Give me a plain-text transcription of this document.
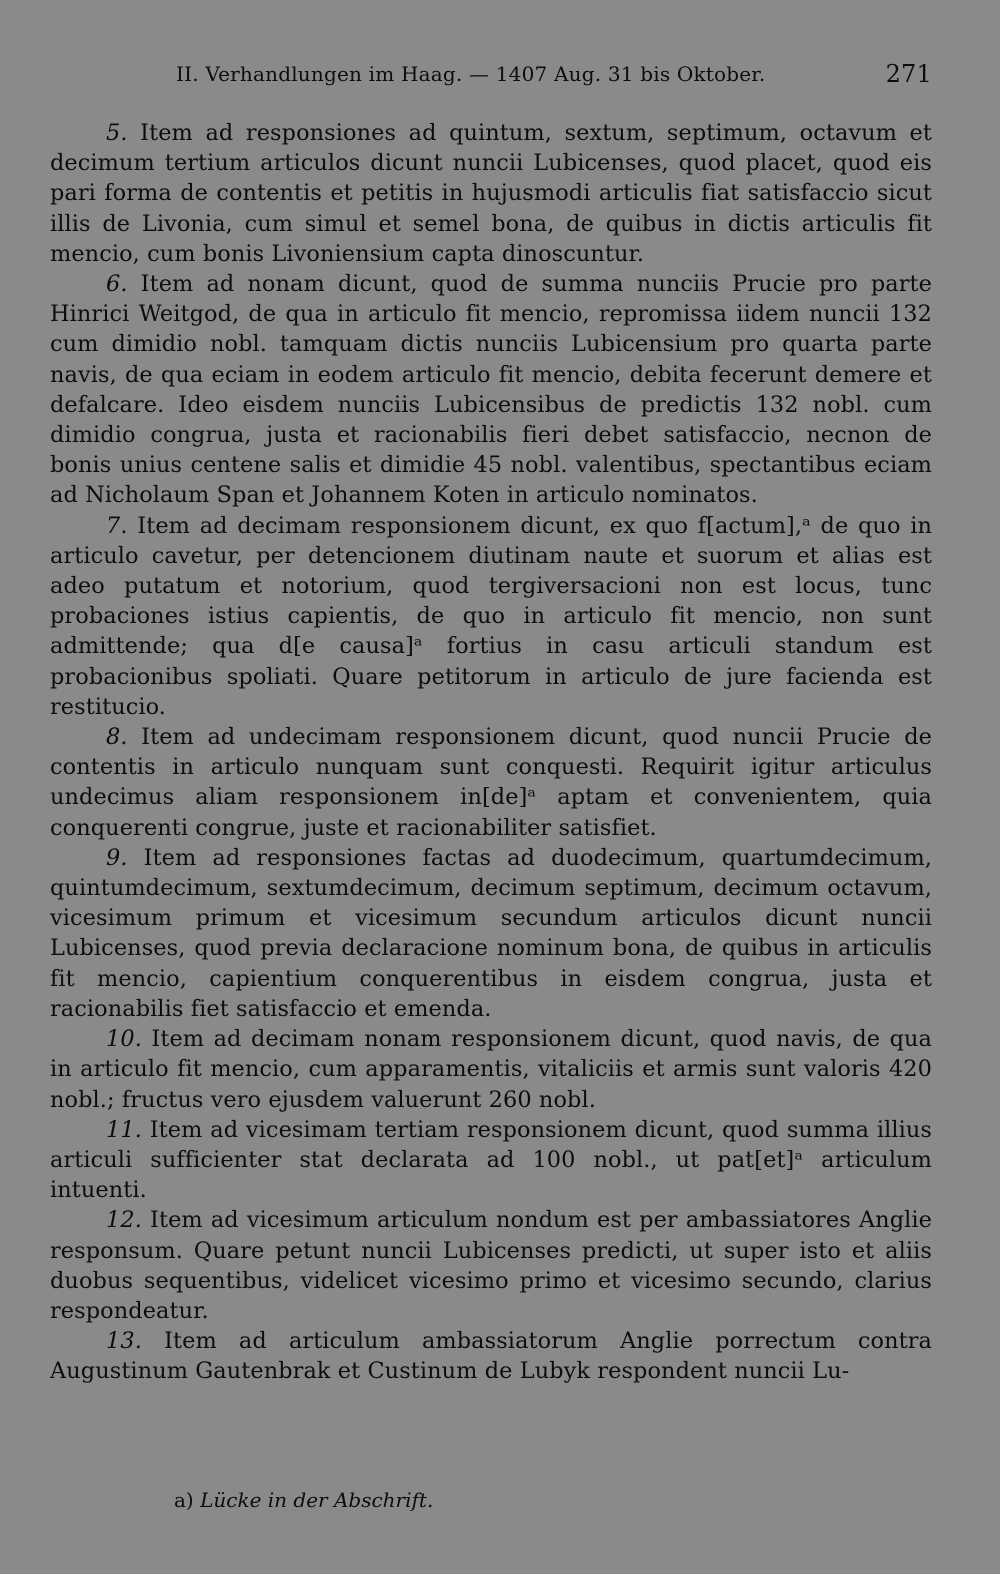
II. Verhandlungen im Haag. — 1407 Aug. 31 bis Oktober.	271

5. Item ad responsiones ad quintum, sextum, septimum, octavum et decimum tertium articulos dicunt nuncii Lubicenses, quod placet, quod eis pari forma de contentis et petitis in hujusmodi articulis fiat satisfaccio sicut illis de Livonia, cum simul et semel bona, de quibus in dictis articulis fit mencio, cum bonis Livoniensium capta dinoscuntur.

6. Item ad nonam dicunt, quod de summa nunciis Prucie pro parte Hinrici Weitgod, de qua in articulo fit mencio, repromissa iidem nuncii 132 cum dimidio nobl. tamquam dictis nunciis Lubicensium pro quarta parte navis, de qua eciam in eodem articulo fit mencio, debita fecerunt demere et defalcare. Ideo eisdem nunciis Lubicensibus de predictis 132 nobl. cum dimidio congrua, justa et racionabilis fieri debet satisfaccio, necnon de bonis unius centene salis et dimidie 45 nobl. valentibus, spectantibus eciam ad Nicholaum Span et Johannem Koten in articulo nominatos.

7. Item ad decimam responsionem dicunt, ex quo f[actum],ᵃ de quo in articulo cavetur, per detencionem diutinam naute et suorum et alias est adeo putatum et notorium, quod tergiversacioni non est locus, tunc probaciones istius capientis, de quo in articulo fit mencio, non sunt admittende; qua d[e causa]ᵃ fortius in casu articuli standum est probacionibus spoliati. Quare petitorum in articulo de jure facienda est restitucio.

8. Item ad undecimam responsionem dicunt, quod nuncii Prucie de contentis in articulo nunquam sunt conquesti. Requirit igitur articulus undecimus aliam responsionem in[de]ᵃ aptam et convenientem, quia conquerenti congrue, juste et racionabiliter satisfiet.

9. Item ad responsiones factas ad duodecimum, quartumdecimum, quintumdecimum, sextumdecimum, decimum septimum, decimum octavum, vicesimum primum et vicesimum secundum articulos dicunt nuncii Lubicenses, quod previa declaracione nominum bona, de quibus in articulis fit mencio, capientium conquerentibus in eisdem congrua, justa et racionabilis fiet satisfaccio et emenda.

10. Item ad decimam nonam responsionem dicunt, quod navis, de qua in articulo fit mencio, cum apparamentis, vitaliciis et armis sunt valoris 420 nobl.; fructus vero ejusdem valuerunt 260 nobl.

11. Item ad vicesimam tertiam responsionem dicunt, quod summa illius articuli sufficienter stat declarata ad 100 nobl., ut pat[et]ᵃ articulum intuenti.

12. Item ad vicesimum articulum nondum est per ambassiatores Anglie responsum. Quare petunt nuncii Lubicenses predicti, ut super isto et aliis duobus sequentibus, videlicet vicesimo primo et vicesimo secundo, clarius respondeatur.

13. Item ad articulum ambassiatorum Anglie porrectum contra Augustinum Gautenbrak et Custinum de Lubyk respondent nuncii Lu-

a) Lücke in der Abschrift.
